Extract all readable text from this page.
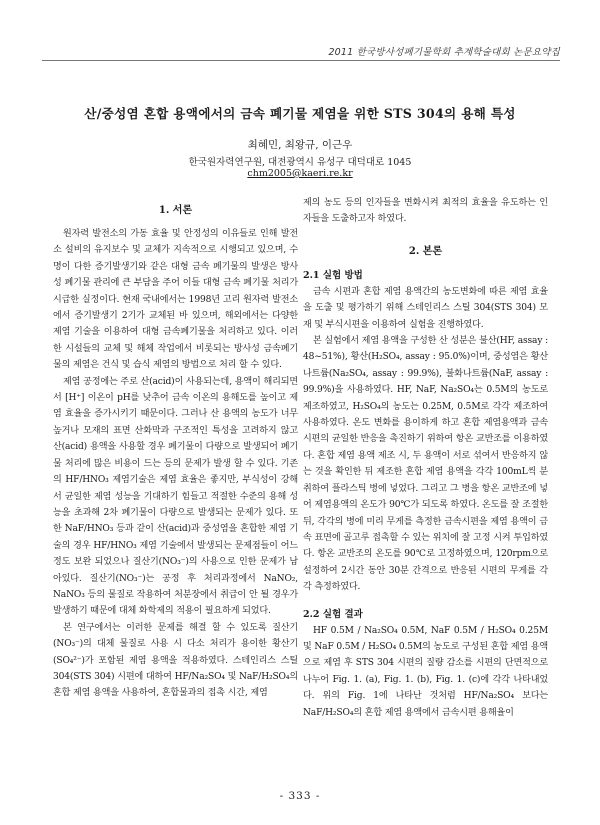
2011 한국방사성폐기물학회 추계학술대회 논문요약집
산/중성염 혼합 용액에서의 금속 폐기물 제염을 위한 STS 304의 용해 특성
최혜민, 최왕규, 이근우
한국원자력연구원, 대전광역시 유성구 대덕대로 1045
chm2005@kaeri.re.kr
1. 서론

원자력 발전소의 가동 효율 및 안정성의 이유들로 인해 발전소 설비의 유지보수 및 교체가 지속적으로 시행되고 있으며, 수명이 다한 증기발생기와 같은 대형 금속 폐기물의 발생은 방사성 폐기물 관리에 큰 부담을 주어 이들 대형 금속 폐기물 처리가 시급한 실정이다. 현재 국내에서는 1998년 고리 원자력 발전소에서 증기발생기 2기가 교체된 바 있으며, 해외에서는 다양한 제염 기술을 이용하여 대형 금속폐기물을 처리하고 있다. 이러한 시설들의 교체 및 해체 작업에서 비롯되는 방사성 금속폐기물의 제염은 건식 및 습식 제염의 방법으로 처리 할 수 있다.

제염 공정에는 주로 산(acid)이 사용되는데, 용액이 해리되면서 [H⁺] 이온이 pH를 낮추어 금속 이온의 용해도를 높이고 제염 효율을 증가시키기 때문이다. 그러나 산 용액의 농도가 너무 높거나 모재의 표면 산화막과 구조적인 특성을 고려하지 않고 산(acid) 용액을 사용할 경우 폐기물이 다량으로 발생되어 폐기물 처리에 많은 비용이 드는 등의 문제가 발생 할 수 있다. 기존의 HF/HNO₃ 제염기술은 제염 효율은 좋지만, 부식성이 강해서 균일한 제염 성능을 기대하기 힘들고 적절한 수준의 용해 성능을 초과해 2차 폐기물이 다량으로 발생되는 문제가 있다. 또한 NaF/HNO₃ 등과 같이 산(acid)과 중성염을 혼합한 제염 기술의 경우 HF/HNO₃ 제염 기술에서 발생되는 문제점들이 어느 정도 보완 되었으나 질산기(NO₃⁻)의 사용으로 인한 문제가 남아있다. 질산기(NO₃⁻)는 공정 후 처리과정에서 NaNO₂, NaNO₃ 등의 물질로 작용하여 처분장에서 취급이 안 될 경우가 발생하기 때문에 대체 화학제의 적용이 필요하게 되었다.

본 연구에서는 이러한 문제를 해결 할 수 있도록 질산기(NO₃⁻)의 대체 물질로 사용 시 다소 처리가 용이한 황산기(SO₄²⁻)가 포함된 제염 용액을 적용하였다. 스테인리스 스틸 304(STS 304) 시편에 대하여 HF/Na₂SO₄ 및 NaF/H₂SO₄의 혼합 제염 용액을 사용하여, 혼합물과의 접촉 시간, 제염

제의 농도 등의 인자들을 변화시켜 최적의 효율을 유도하는 인자들을 도출하고자 하였다.

2. 본론
2.1 실험 방법

금속 시편과 혼합 제염 용액간의 농도변화에 따른 제염 효율을 도출 및 평가하기 위해 스테인리스 스틸 304(STS 304) 모재 및 부식시편을 이용하여 실험을 진행하였다.

본 실험에서 제염 용액을 구성한 산 성분은 불산(HF, assay : 48~51%), 황산(H₂SO₄, assay : 95.0%)이며, 중성염은 황산나트륨(Na₂SO₄, assay : 99.9%), 불화나트륨(NaF, assay : 99.9%)을 사용하였다. HF, NaF, Na₂SO₄는 0.5M의 농도로 제조하였고, H₂SO₄의 농도는 0.25M, 0.5M로 각각 제조하여 사용하였다. 온도 변화를 용이하게 하고 혼합 제염용액과 금속 시편의 균일한 반응을 촉진하기 위하여 항온 교반조를 이용하였다. 혼합 제염 용액 제조 시, 두 용액이 서로 섞여서 반응하지 않는 것을 확인한 뒤 제조한 혼합 제염 용액을 각각 100mL씩 분취하여 플라스틱 병에 넣었다. 그리고 그 병을 항온 교반조에 넣어 제염용액의 온도가 90℃가 되도록 하였다. 온도를 잘 조절한 뒤, 각각의 병에 미리 무게를 측정한 금속시편을 제염 용액이 금속 표면에 골고루 접촉할 수 있는 위치에 잘 고정 시켜 투입하였다. 항온 교반조의 온도를 90℃로 고정하였으며, 120rpm으로 설정하여 2시간 동안 30분 간격으로 반응된 시편의 무게를 각각 측정하였다.

2.2 실험 결과

HF 0.5M / Na₂SO₄ 0.5M, NaF 0.5M / H₂SO₄ 0.25M 및 NaF 0.5M / H₂SO₄ 0.5M의 농도로 구성된 혼합 제염 용액으로 제염 후 STS 304 시편의 질량 감소를 시편의 단면적으로 나누어 Fig. 1. (a), Fig. 1. (b), Fig. 1. (c)에 각각 나타내었다. 위의 Fig. 1에 나타난 것처럼 HF/Na₂SO₄ 보다는 NaF/H₂SO₄의 혼합 제염 용액에서 금속시편 용해율이

- 333 -
